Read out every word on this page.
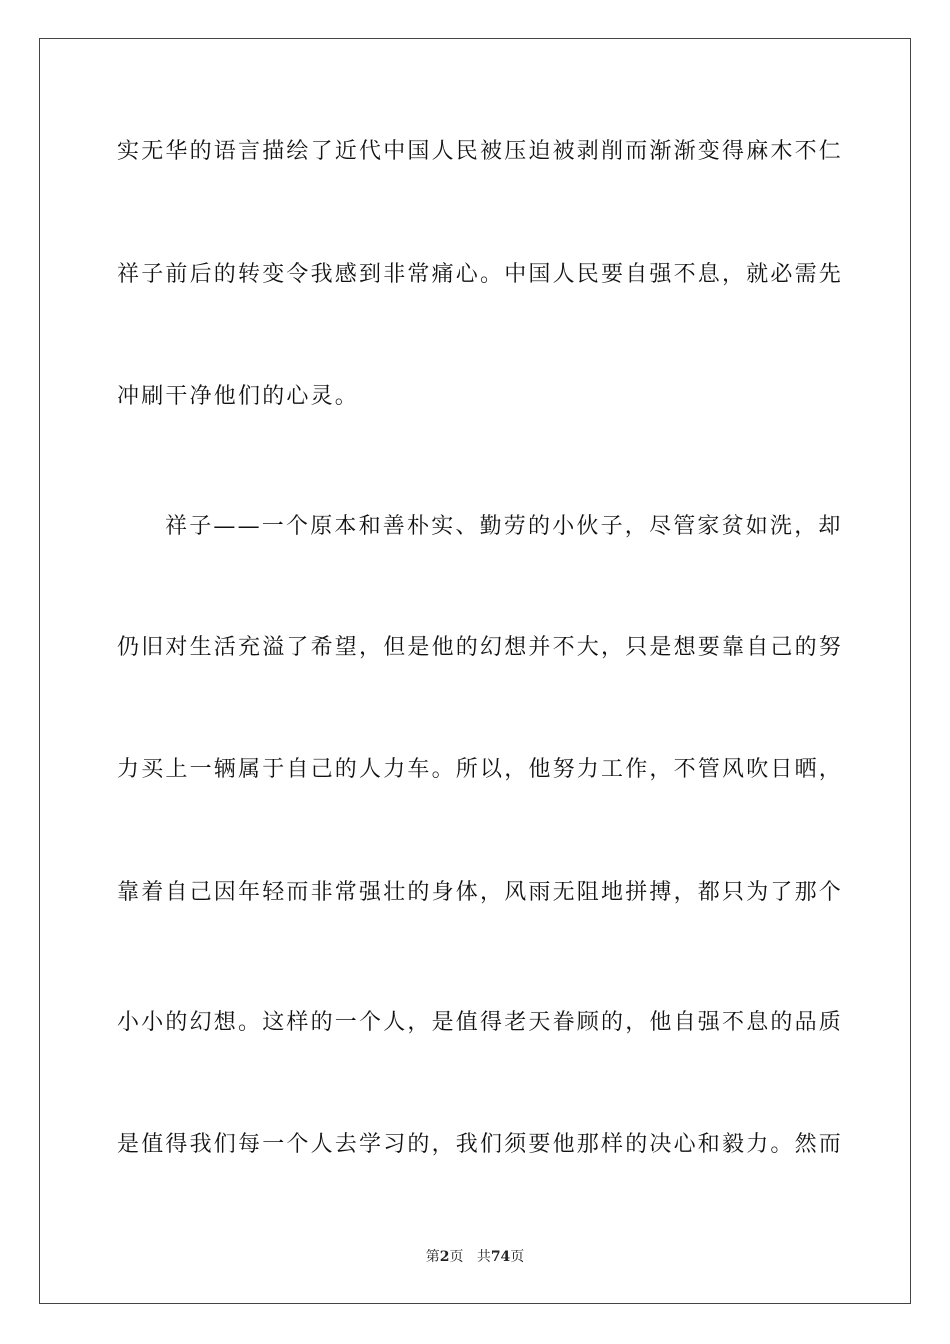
实无华的语言描绘了近代中国人民被压迫被剥削而渐渐变得麻木不仁
祥子前后的转变令我感到非常痛心。中国人民要自强不息，就必需先
冲刷干净他们的心灵。
祥子——一个原本和善朴实、勤劳的小伙子，尽管家贫如洗，却
仍旧对生活充溢了希望，但是他的幻想并不大，只是想要靠自己的努
力买上一辆属于自己的人力车。所以，他努力工作，不管风吹日晒，
靠着自己因年轻而非常强壮的身体，风雨无阻地拼搏，都只为了那个
小小的幻想。这样的一个人，是值得老天眷顾的，他自强不息的品质
是值得我们每一个人去学习的，我们须要他那样的决心和毅力。然而
第2页 共74页
